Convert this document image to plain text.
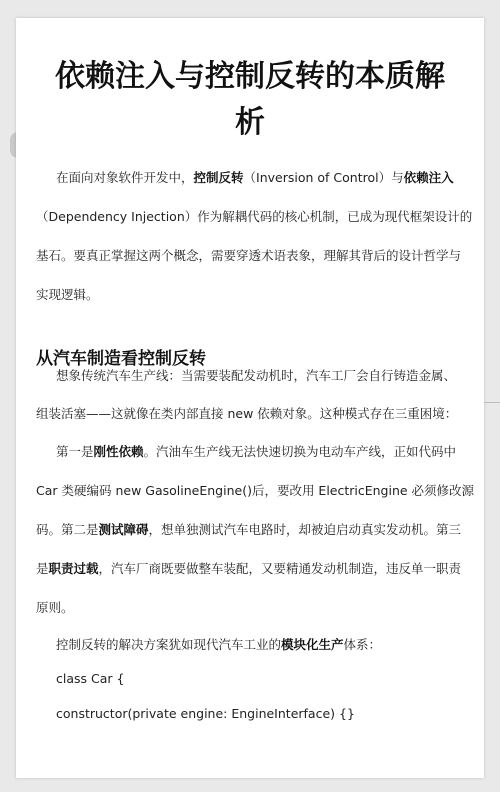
依赖注入与控制反转的本质解
析
在面向对象软件开发中，控制反转（Inversion of Control）与依赖注入
（Dependency Injection）作为解耦代码的核心机制，已成为现代框架设计的
基石。要真正掌握这两个概念，需要穿透术语表象，理解其背后的设计哲学与
实现逻辑。
从汽车制造看控制反转
想象传统汽车生产线：当需要装配发动机时，汽车工厂会自行铸造金属、
组装活塞——这就像在类内部直接 new 依赖对象。这种模式存在三重困境：
第一是刚性依赖。汽油车生产线无法快速切换为电动车产线，正如代码中
Car 类硬编码 new GasolineEngine()后，要改用 ElectricEngine 必须修改源
码。第二是测试障碍，想单独测试汽车电路时，却被迫启动真实发动机。第三
是职责过载，汽车厂商既要做整车装配，又要精通发动机制造，违反单一职责
原则。
控制反转的解决方案犹如现代汽车工业的模块化生产体系：
class Car {
constructor(private engine: EngineInterface) {}
